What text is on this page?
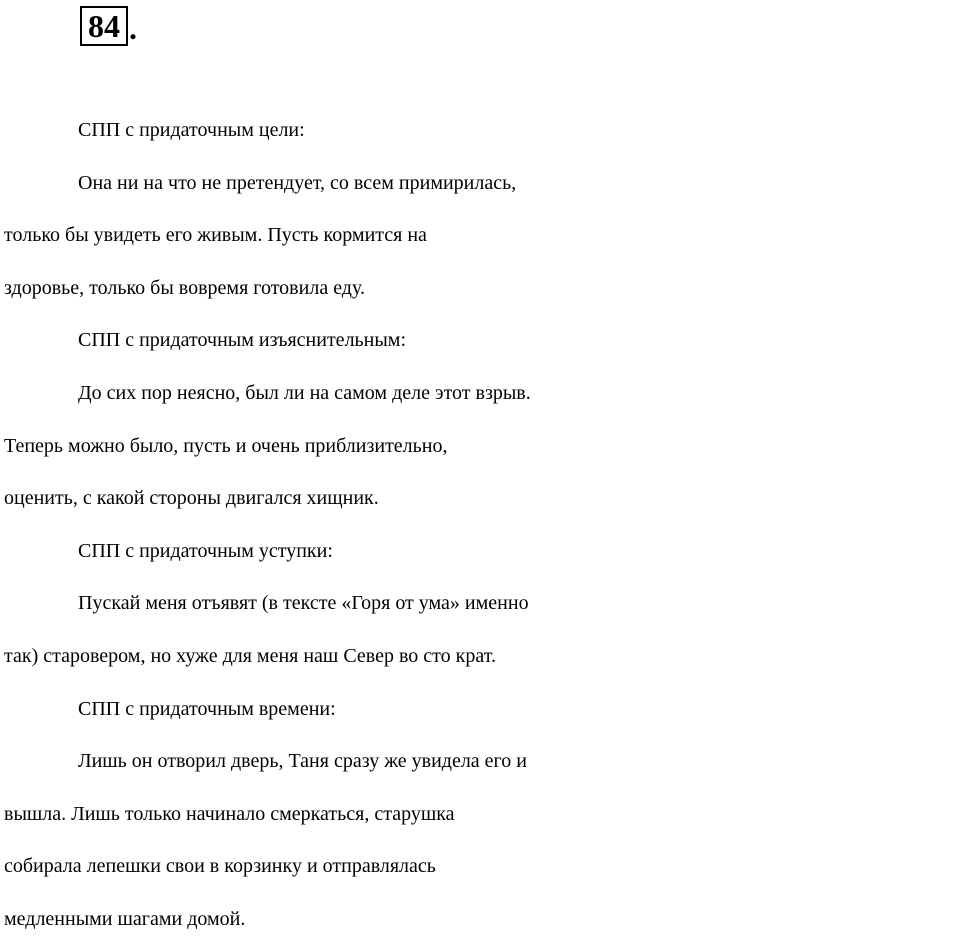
84 .
СПП с придаточным цели:
Она ни на что не претендует, со всем примирилась,
только бы увидеть его живым. Пусть кормится на
здоровье, только бы вовремя готовила еду.
СПП с придаточным изъяснительным:
До сих пор неясно, был ли на самом деле этот взрыв.
Теперь можно было, пусть и очень приблизительно,
оценить, с какой стороны двигался хищник.
СПП с придаточным уступки:
Пускай меня отъявят (в тексте «Горя от ума» именно
так) старовером, но хуже для меня наш Север во сто крат.
СПП с придаточным времени:
Лишь он отворил дверь, Таня сразу же увидела его и
вышла. Лишь только начинало смеркаться, старушка
собирала лепешки свои в корзинку и отправлялась
медленными шагами домой.
